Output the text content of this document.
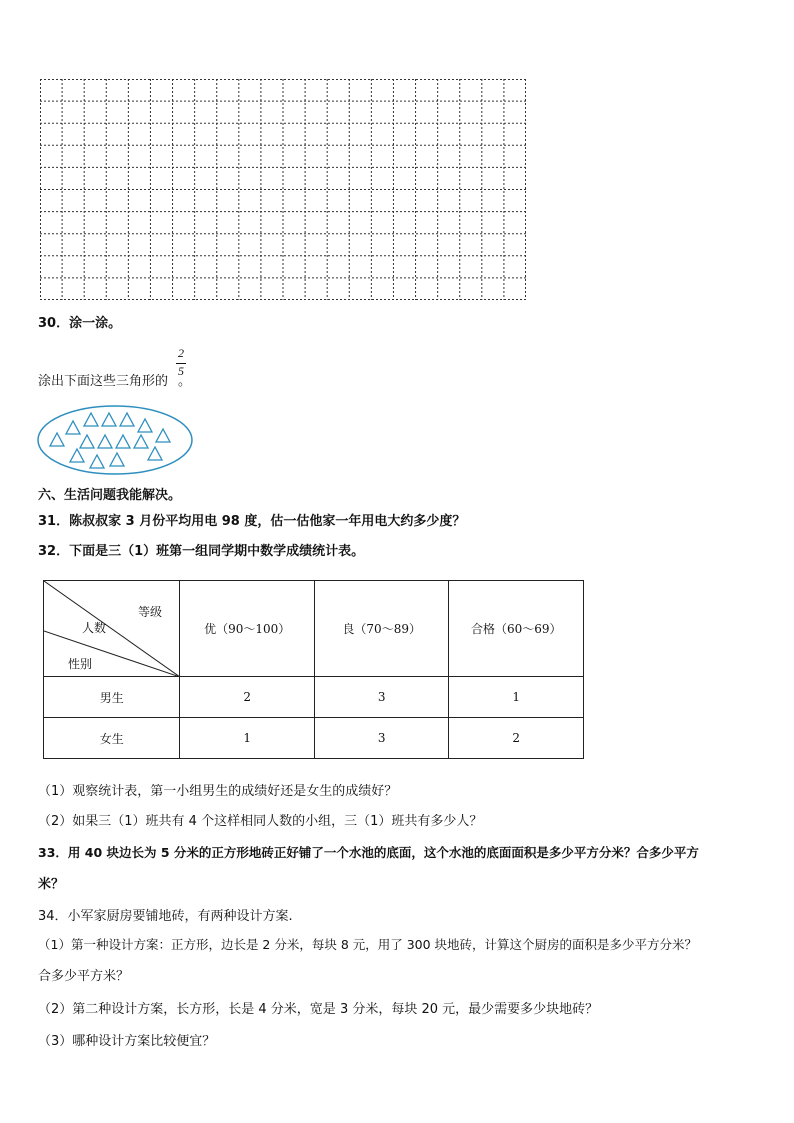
30．涂一涂。
涂出下面这些三角形的 。
2
5
六、生活问题我能解决。
31．陈叔叔家 3 月份平均用电 98 度，估一估他家一年用电大约多少度？
32．下面是三（1）班第一组同学期中数学成绩统计表。
等级
人数
性别	优（90～100）	良（70～89）	合格（60～69）
男生	2	3	1
女生	1	3	2
（1）观察统计表，第一小组男生的成绩好还是女生的成绩好？
（2）如果三（1）班共有 4 个这样相同人数的小组，三（1）班共有多少人？
33．用 40 块边长为 5 分米的正方形地砖正好铺了一个水池的底面，这个水池的底面面积是多少平方分米？合多少平方
米？
34．小军家厨房要铺地砖，有两种设计方案.
（1）第一种设计方案：正方形，边长是 2 分米，每块 8 元，用了 300 块地砖，计算这个厨房的面积是多少平方分米？
合多少平方米？
（2）第二种设计方案，长方形，长是 4 分米，宽是 3 分米，每块 20 元，最少需要多少块地砖？
（3）哪种设计方案比较便宜？
